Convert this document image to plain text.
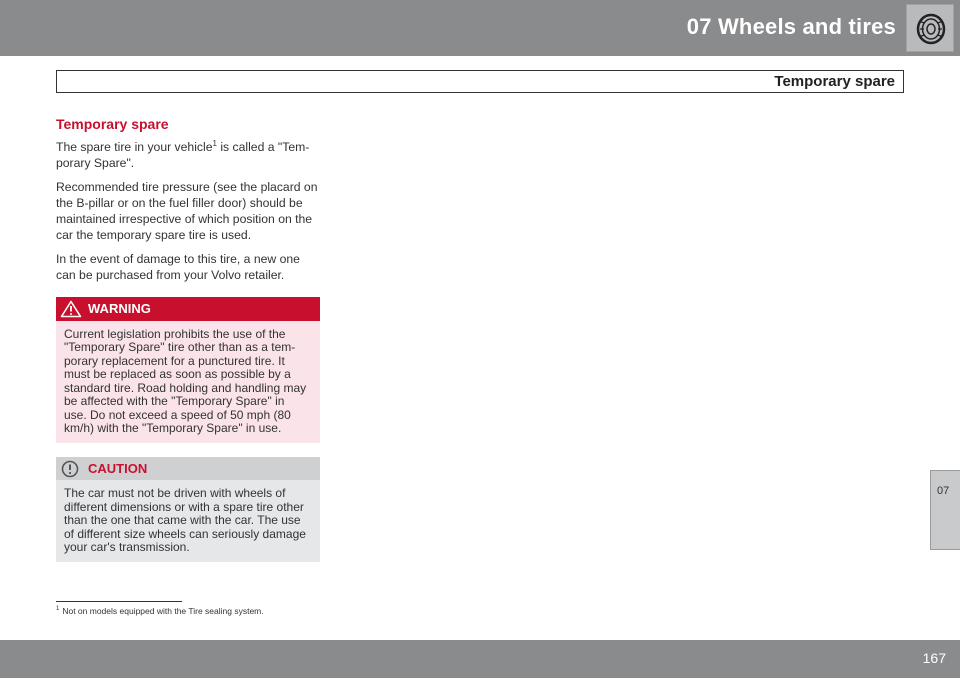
07 Wheels and tires
Temporary spare
07
Temporary spare

The spare tire in your vehicle$^1$ is called a "Temporary Spare".

Recommended tire pressure (see the placard on the B-pillar or on the fuel filler door) should be maintained irrespective of which position on the car the temporary spare tire is used.

In the event of damage to this tire, a new one can be purchased from your Volvo retailer.

WARNING
Current legislation prohibits the use of the "Temporary Spare" tire other than as a temporary replacement for a punctured tire. It must be replaced as soon as possible by a standard tire. Road holding and handling may be affected with the "Temporary Spare" in use. Do not exceed a speed of 50 mph (80 km/h) with the "Temporary Spare" in use.
CAUTION
The car must not be driven with wheels of different dimensions or with a spare tire other than the one that came with the car. The use of different size wheels can seriously damage your car's transmission.
$^1$ Not on models equipped with the Tire sealing system.
167
